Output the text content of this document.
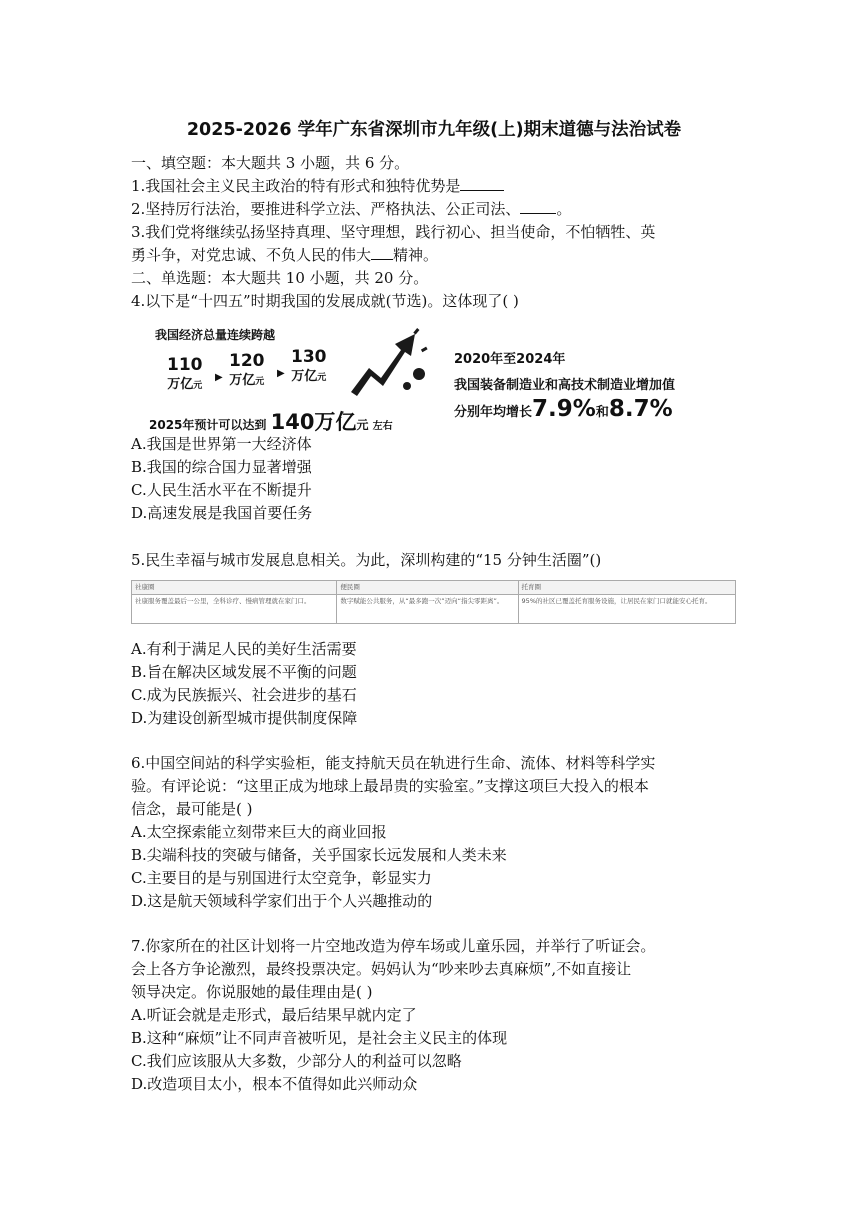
2025-2026 学年广东省深圳市九年级(上)期末道德与法治试卷
一、填空题：本大题共 3 小题，共 6 分。
1.我国社会主义民主政治的特有形式和独特优势是
2.坚持厉行法治，要推进科学立法、严格执法、公正司法、 。
3.我们党将继续弘扬坚持真理、坚守理想，践行初心、担当使命，不怕牺牲、英
勇斗争，对党忠诚、不负人民的伟大 精神。
二、单选题：本大题共 10 小题，共 20 分。
4.以下是“十四五”时期我国的发展成就(节选)。这体现了( )
我国经济总量连续跨越
110
万亿元
▶
120
万亿元
▶
130
万亿元
2025年预计可以达到 140万亿元 左右
2020年至2024年
我国装备制造业和高技术制造业增加值
分别年均增长7.9%和8.7%
A.我国是世界第一大经济体
B.我国的综合国力显著增强
C.人民生活水平在不断提升
D.高速发展是我国首要任务
5.民生幸福与城市发展息息相关。为此，深圳构建的“15 分钟生活圈”()
社康圈	便民圈	托育圈
社康服务覆盖最后一公里，全科诊疗、慢病管理就在家门口。	数字赋能公共服务，从“最多跑一次”迈向“指尖零距离”。	95%的社区已覆盖托育服务设施，让居民在家门口就能安心托育。
A.有利于满足人民的美好生活需要
B.旨在解决区域发展不平衡的问题
C.成为民族振兴、社会进步的基石
D.为建设创新型城市提供制度保障
6.中国空间站的科学实验柜，能支持航天员在轨进行生命、流体、材料等科学实
验。有评论说：“这里正成为地球上最昂贵的实验室。”支撑这项巨大投入的根本
信念，最可能是( )
A.太空探索能立刻带来巨大的商业回报
B.尖端科技的突破与储备，关乎国家长远发展和人类未来
C.主要目的是与别国进行太空竞争，彰显实力
D.这是航天领域科学家们出于个人兴趣推动的
7.你家所在的社区计划将一片空地改造为停车场或儿童乐园，并举行了听证会。
会上各方争论激烈，最终投票决定。妈妈认为“吵来吵去真麻烦”,不如直接让
领导决定。你说服她的最佳理由是( )
A.听证会就是走形式，最后结果早就内定了
B.这种“麻烦”让不同声音被听见，是社会主义民主的体现
C.我们应该服从大多数，少部分人的利益可以忽略
D.改造项目太小，根本不值得如此兴师动众
